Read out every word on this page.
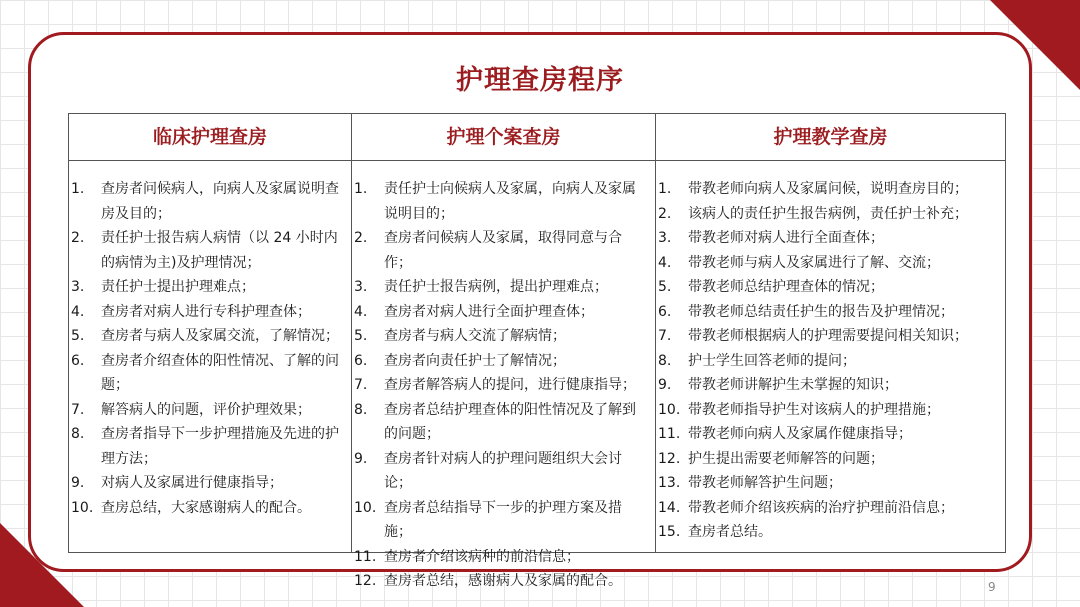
护理查房程序
临床护理查房
1. 查房者问候病人，向病人及家属说明查房及目的；
2. 责任护士报告病人病情（以 24 小时内的病情为主)及护理情况；
3. 责任护士提出护理难点；
4. 查房者对病人进行专科护理查体；
5. 查房者与病人及家属交流，了解情况；
6. 查房者介绍查体的阳性情况、了解的问题；
7. 解答病人的问题，评价护理效果；
8. 查房者指导下一步护理措施及先进的护理方法；
9. 对病人及家属进行健康指导；
10. 查房总结，大家感谢病人的配合。
护理个案查房
1. 责任护士向候病人及家属，向病人及家属说明目的；
2. 查房者问候病人及家属，取得同意与合作；
3. 责任护士报告病例，提出护理难点；
4. 查房者对病人进行全面护理查体；
5. 查房者与病人交流了解病情；
6. 查房者向责任护士了解情况；
7. 查房者解答病人的提问，进行健康指导；
8. 查房者总结护理查体的阳性情况及了解到的问题；
9. 查房者针对病人的护理问题组织大会讨论；
10. 查房者总结指导下一步的护理方案及措施；
11. 查房者介绍该病种的前沿信息；
12. 查房者总结，感谢病人及家属的配合。
护理教学查房
1. 带教老师向病人及家属问候，说明查房目的；
2. 该病人的责任护生报告病例，责任护士补充；
3. 带教老师对病人进行全面查体；
4. 带教老师与病人及家属进行了解、交流；
5. 带教老师总结护理查体的情况；
6. 带教老师总结责任护生的报告及护理情况；
7. 带教老师根据病人的护理需要提问相关知识；
8. 护士学生回答老师的提问；
9. 带教老师讲解护生未掌握的知识；
10. 带教老师指导护生对该病人的护理措施；
11. 带教老师向病人及家属作健康指导；
12. 护生提出需要老师解答的问题；
13. 带教老师解答护生问题；
14. 带教老师介绍该疾病的治疗护理前沿信息；
15. 查房者总结。
9
